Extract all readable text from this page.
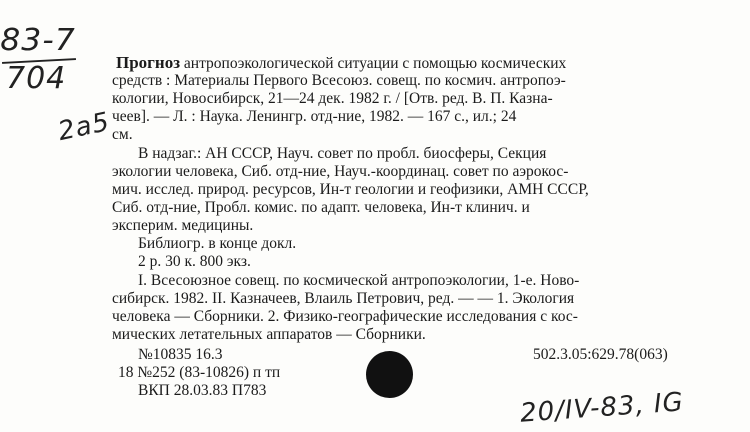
83-7
704
2a5
Прогноз антропоэкологической ситуации с помощью космических
средств : Материалы Первого Всесоюз. совещ. по космич. антропоэ-
кологии, Новосибирск, 21—24 дек. 1982 г. / [Отв. ред. В. П. Казна-
чеев]. — Л. : Наука. Ленингр. отд-ние, 1982. — 167 с., ил.; 24
см.
В надзаг.: АН СССР, Науч. совет по пробл. биосферы, Секция
экологии человека, Сиб. отд-ние, Науч.-координац. совет по аэрокос-
мич. исслед. природ. ресурсов, Ин-т геологии и геофизики, АМН СССР,
Сиб. отд-ние, Пробл. комис. по адапт. человека, Ин-т клинич. и
эксперим. медицины.
Библиогр. в конце докл.
2 р. 30 к. 800 экз.
I. Всесоюзное совещ. по космической антропоэкологии, 1-е. Ново-
сибирск. 1982. II. Казначеев, Влаиль Петрович, ред. — — 1. Экология
человека — Сборники. 2. Физико-географические исследования с кос-
мических летательных аппаратов — Сборники.
№10835 16.3	502.3.05:629.78(063)
18 №252 (83-10826) п тп
ВКП 28.03.83 П783	20/IV-83, IG
